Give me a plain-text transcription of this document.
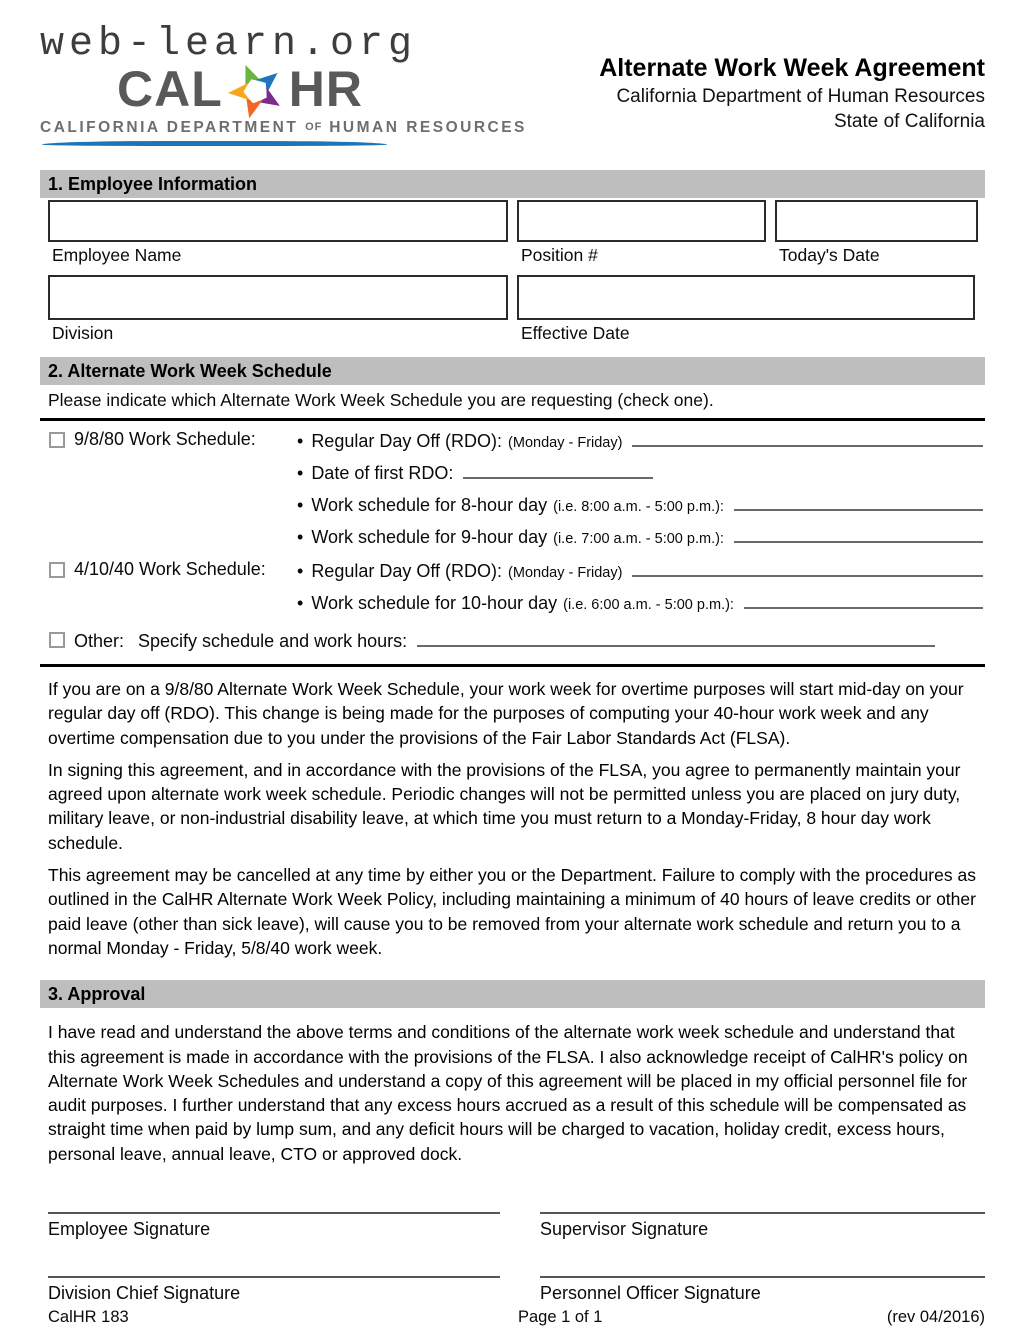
web-learn.org
CAL HR
CALIFORNIA DEPARTMENT OF HUMAN RESOURCES
Alternate Work Week Agreement
California Department of Human Resources
State of California
1. Employee Information
Employee Name	Position #	Today's Date
Division	Effective Date
2. Alternate Work Week Schedule
Please indicate which Alternate Work Week Schedule you are requesting (check one).
9/8/80 Work Schedule:	• Regular Day Off (RDO): (Monday - Friday)
• Date of first RDO:
• Work schedule for 8-hour day (i.e. 8:00 a.m. - 5:00 p.m.):
• Work schedule for 9-hour day (i.e. 7:00 a.m. - 5:00 p.m.):
4/10/40 Work Schedule:	• Regular Day Off (RDO): (Monday - Friday)
• Work schedule for 10-hour day (i.e. 6:00 a.m. - 5:00 p.m.):
Other: Specify schedule and work hours:

If you are on a 9/8/80 Alternate Work Week Schedule, your work week for overtime purposes will start mid-day on your regular day off (RDO). This change is being made for the purposes of computing your 40-hour work week and any overtime compensation due to you under the provisions of the Fair Labor Standards Act (FLSA).

In signing this agreement, and in accordance with the provisions of the FLSA, you agree to permanently maintain your agreed upon alternate work week schedule. Periodic changes will not be permitted unless you are placed on jury duty, military leave, or non-industrial disability leave, at which time you must return to a Monday-Friday, 8 hour day work schedule.

This agreement may be cancelled at any time by either you or the Department. Failure to comply with the procedures as outlined in the CalHR Alternate Work Week Policy, including maintaining a minimum of 40 hours of leave credits or other paid leave (other than sick leave), will cause you to be removed from your alternate work schedule and return you to a normal Monday - Friday, 5/8/40 work week.

3. Approval

I have read and understand the above terms and conditions of the alternate work week schedule and understand that this agreement is made in accordance with the provisions of the FLSA. I also acknowledge receipt of CalHR's policy on Alternate Work Week Schedules and understand a copy of this agreement will be placed in my official personnel file for audit purposes. I further understand that any excess hours accrued as a result of this schedule will be compensated as straight time when paid by lump sum, and any deficit hours will be charged to vacation, holiday credit, excess hours, personal leave, annual leave, CTO or approved dock.

Employee Signature	Supervisor Signature
Division Chief Signature	Personnel Officer Signature
CalHR 183	Page 1 of 1	(rev 04/2016)
